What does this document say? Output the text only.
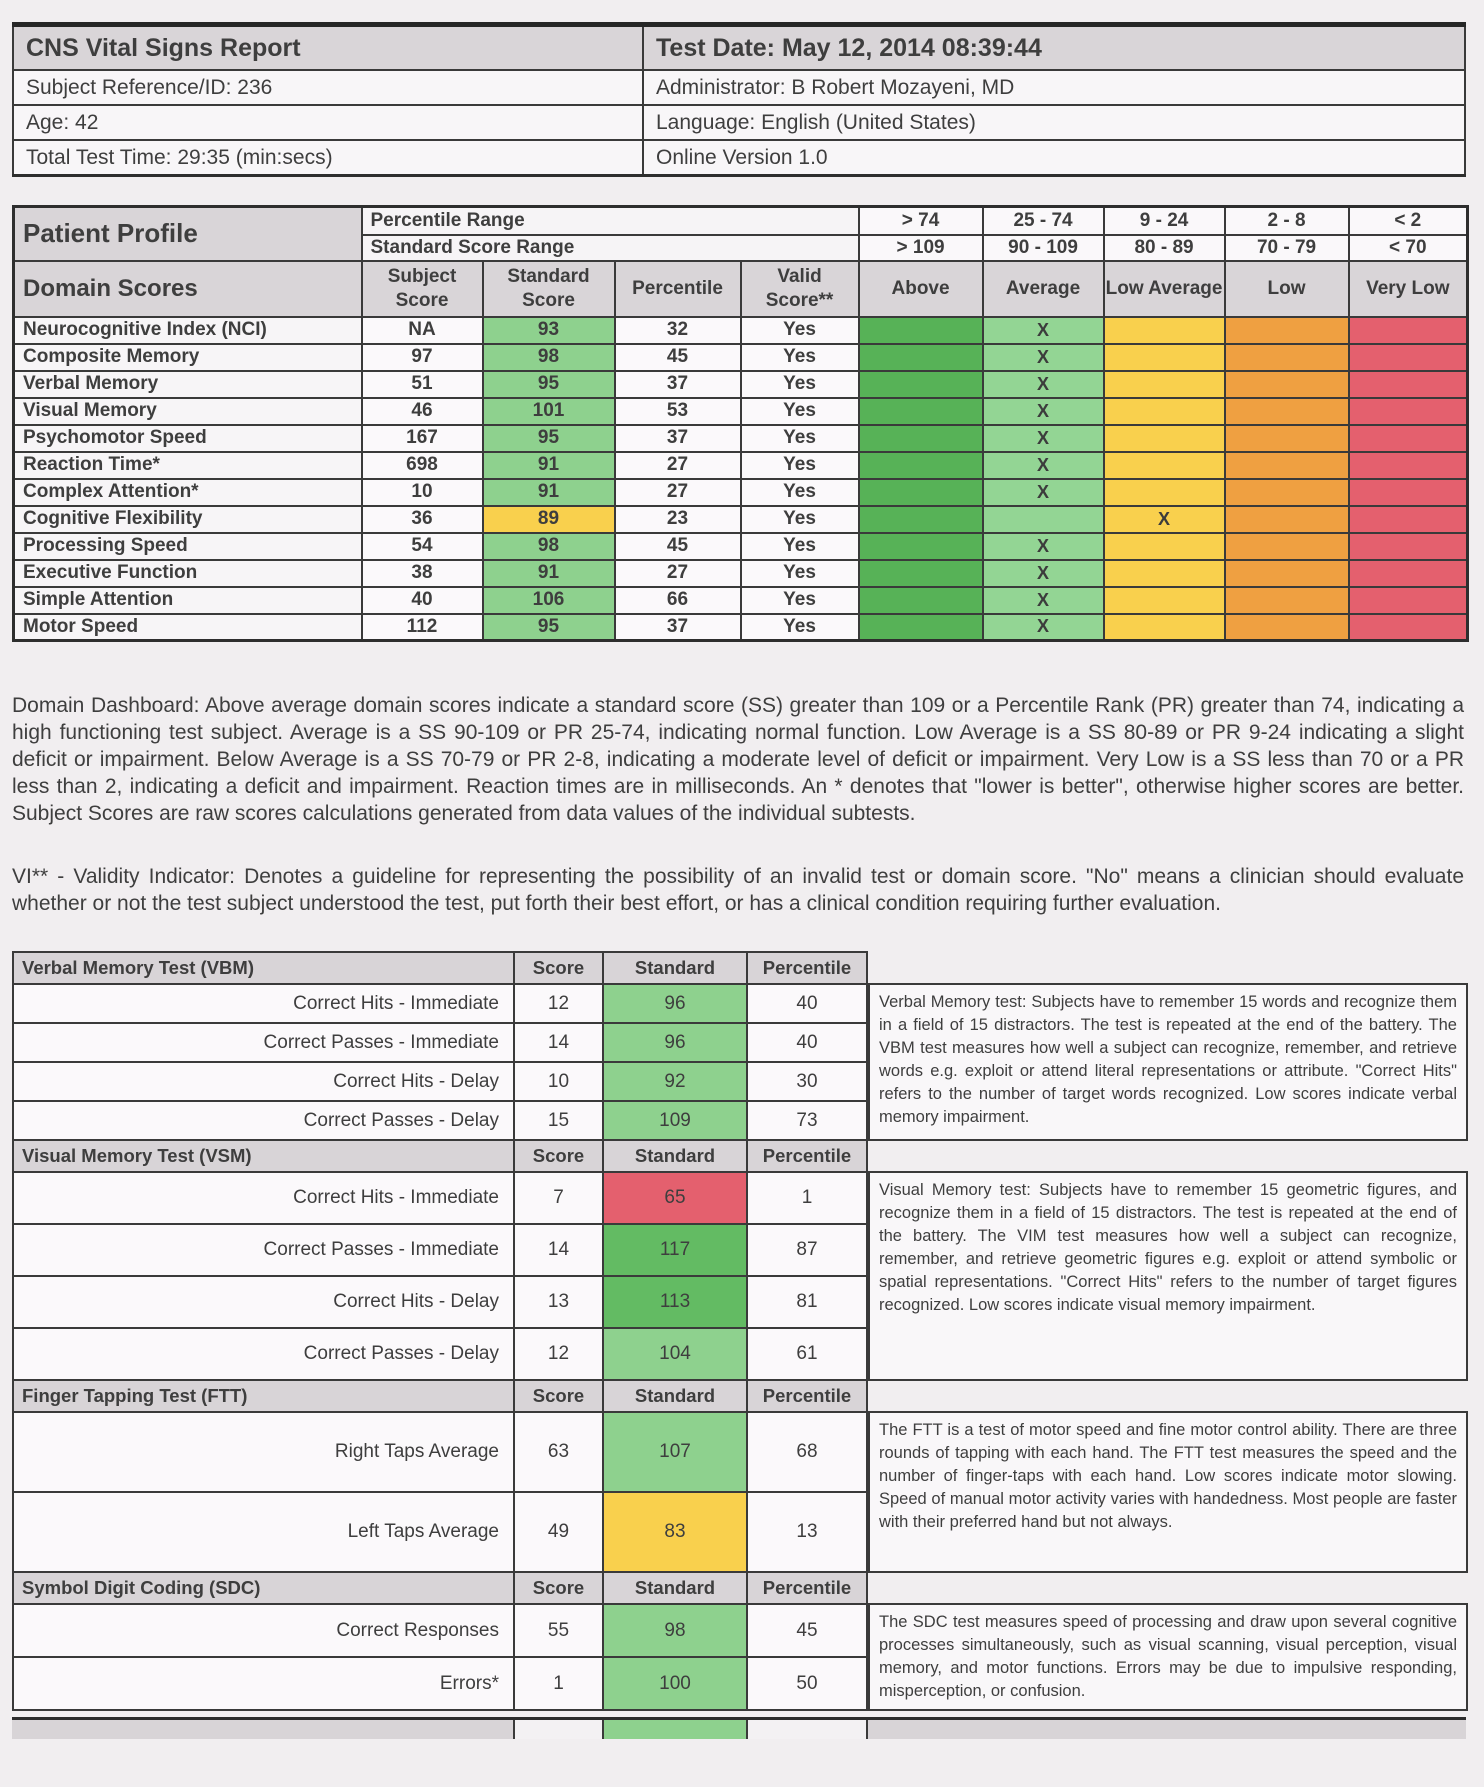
CNS Vital Signs Report	Test Date: May 12, 2014 08:39:44
Subject Reference/ID: 236	Administrator: B Robert Mozayeni, MD
Age: 42	Language: English (United States)
Total Test Time: 29:35 (min:secs)	Online Version 1.0
Patient Profile	Percentile Range				> 74	25 - 74	9 - 24	2 - 8	< 2
	Standard Score Range				> 109	90 - 109	80 - 89	70 - 79	< 70
Domain Scores	Subject Score	Standard Score	Percentile	Valid Score**	Above	Average	Low Average	Low	Very Low
Neurocognitive Index (NCI)	NA	93	32	Yes		X			
Composite Memory	97	98	45	Yes		X			
Verbal Memory	51	95	37	Yes		X			
Visual Memory	46	101	53	Yes		X			
Psychomotor Speed	167	95	37	Yes		X			
Reaction Time*	698	91	27	Yes		X			
Complex Attention*	10	91	27	Yes		X			
Cognitive Flexibility	36	89	23	Yes			X		
Processing Speed	54	98	45	Yes		X			
Executive Function	38	91	27	Yes		X			
Simple Attention	40	106	66	Yes		X			
Motor Speed	112	95	37	Yes		X			

Domain Dashboard: Above average domain scores indicate a standard score (SS) greater than 109 or a Percentile Rank (PR) greater than 74, indicating a high functioning test subject. Average is a SS 90-109 or PR 25-74, indicating normal function. Low Average is a SS 80-89 or PR 9-24 indicating a slight deficit or impairment. Below Average is a SS 70-79 or PR 2-8, indicating a moderate level of deficit or impairment. Very Low is a SS less than 70 or a PR less than 2, indicating a deficit and impairment. Reaction times are in milliseconds. An * denotes that "lower is better", otherwise higher scores are better. Subject Scores are raw scores calculations generated from data values of the individual subtests.

VI** - Validity Indicator: Denotes a guideline for representing the possibility of an invalid test or domain score. "No" means a clinician should evaluate whether or not the test subject understood the test, put forth their best effort, or has a clinical condition requiring further evaluation.

Verbal Memory Test (VBM)	Score	Standard	Percentile
Correct Hits - Immediate	12	96	40
Correct Passes - Immediate	14	96	40
Correct Hits - Delay	10	92	30
Correct Passes - Delay	15	109	73

Verbal Memory test: Subjects have to remember 15 words and recognize them in a field of 15 distractors. The test is repeated at the end of the battery. The VBM test measures how well a subject can recognize, remember, and retrieve words e.g. exploit or attend literal representations or attribute. "Correct Hits" refers to the number of target words recognized. Low scores indicate verbal memory impairment.

Visual Memory Test (VSM)	Score	Standard	Percentile
Correct Hits - Immediate	7	65	1
Correct Passes - Immediate	14	117	87
Correct Hits - Delay	13	113	81
Correct Passes - Delay	12	104	61

Visual Memory test: Subjects have to remember 15 geometric figures, and recognize them in a field of 15 distractors. The test is repeated at the end of the battery. The VIM test measures how well a subject can recognize, remember, and retrieve geometric figures e.g. exploit or attend symbolic or spatial representations. "Correct Hits" refers to the number of target figures recognized. Low scores indicate visual memory impairment.

Finger Tapping Test (FTT)	Score	Standard	Percentile
Right Taps Average	63	107	68
Left Taps Average	49	83	13

The FTT is a test of motor speed and fine motor control ability. There are three rounds of tapping with each hand. The FTT test measures the speed and the number of finger-taps with each hand. Low scores indicate motor slowing. Speed of manual motor activity varies with handedness. Most people are faster with their preferred hand but not always.

Symbol Digit Coding (SDC)	Score	Standard	Percentile
Correct Responses	55	98	45
Errors*	1	100	50

The SDC test measures speed of processing and draw upon several cognitive processes simultaneously, such as visual scanning, visual perception, visual memory, and motor functions. Errors may be due to impulsive responding, misperception, or confusion.
